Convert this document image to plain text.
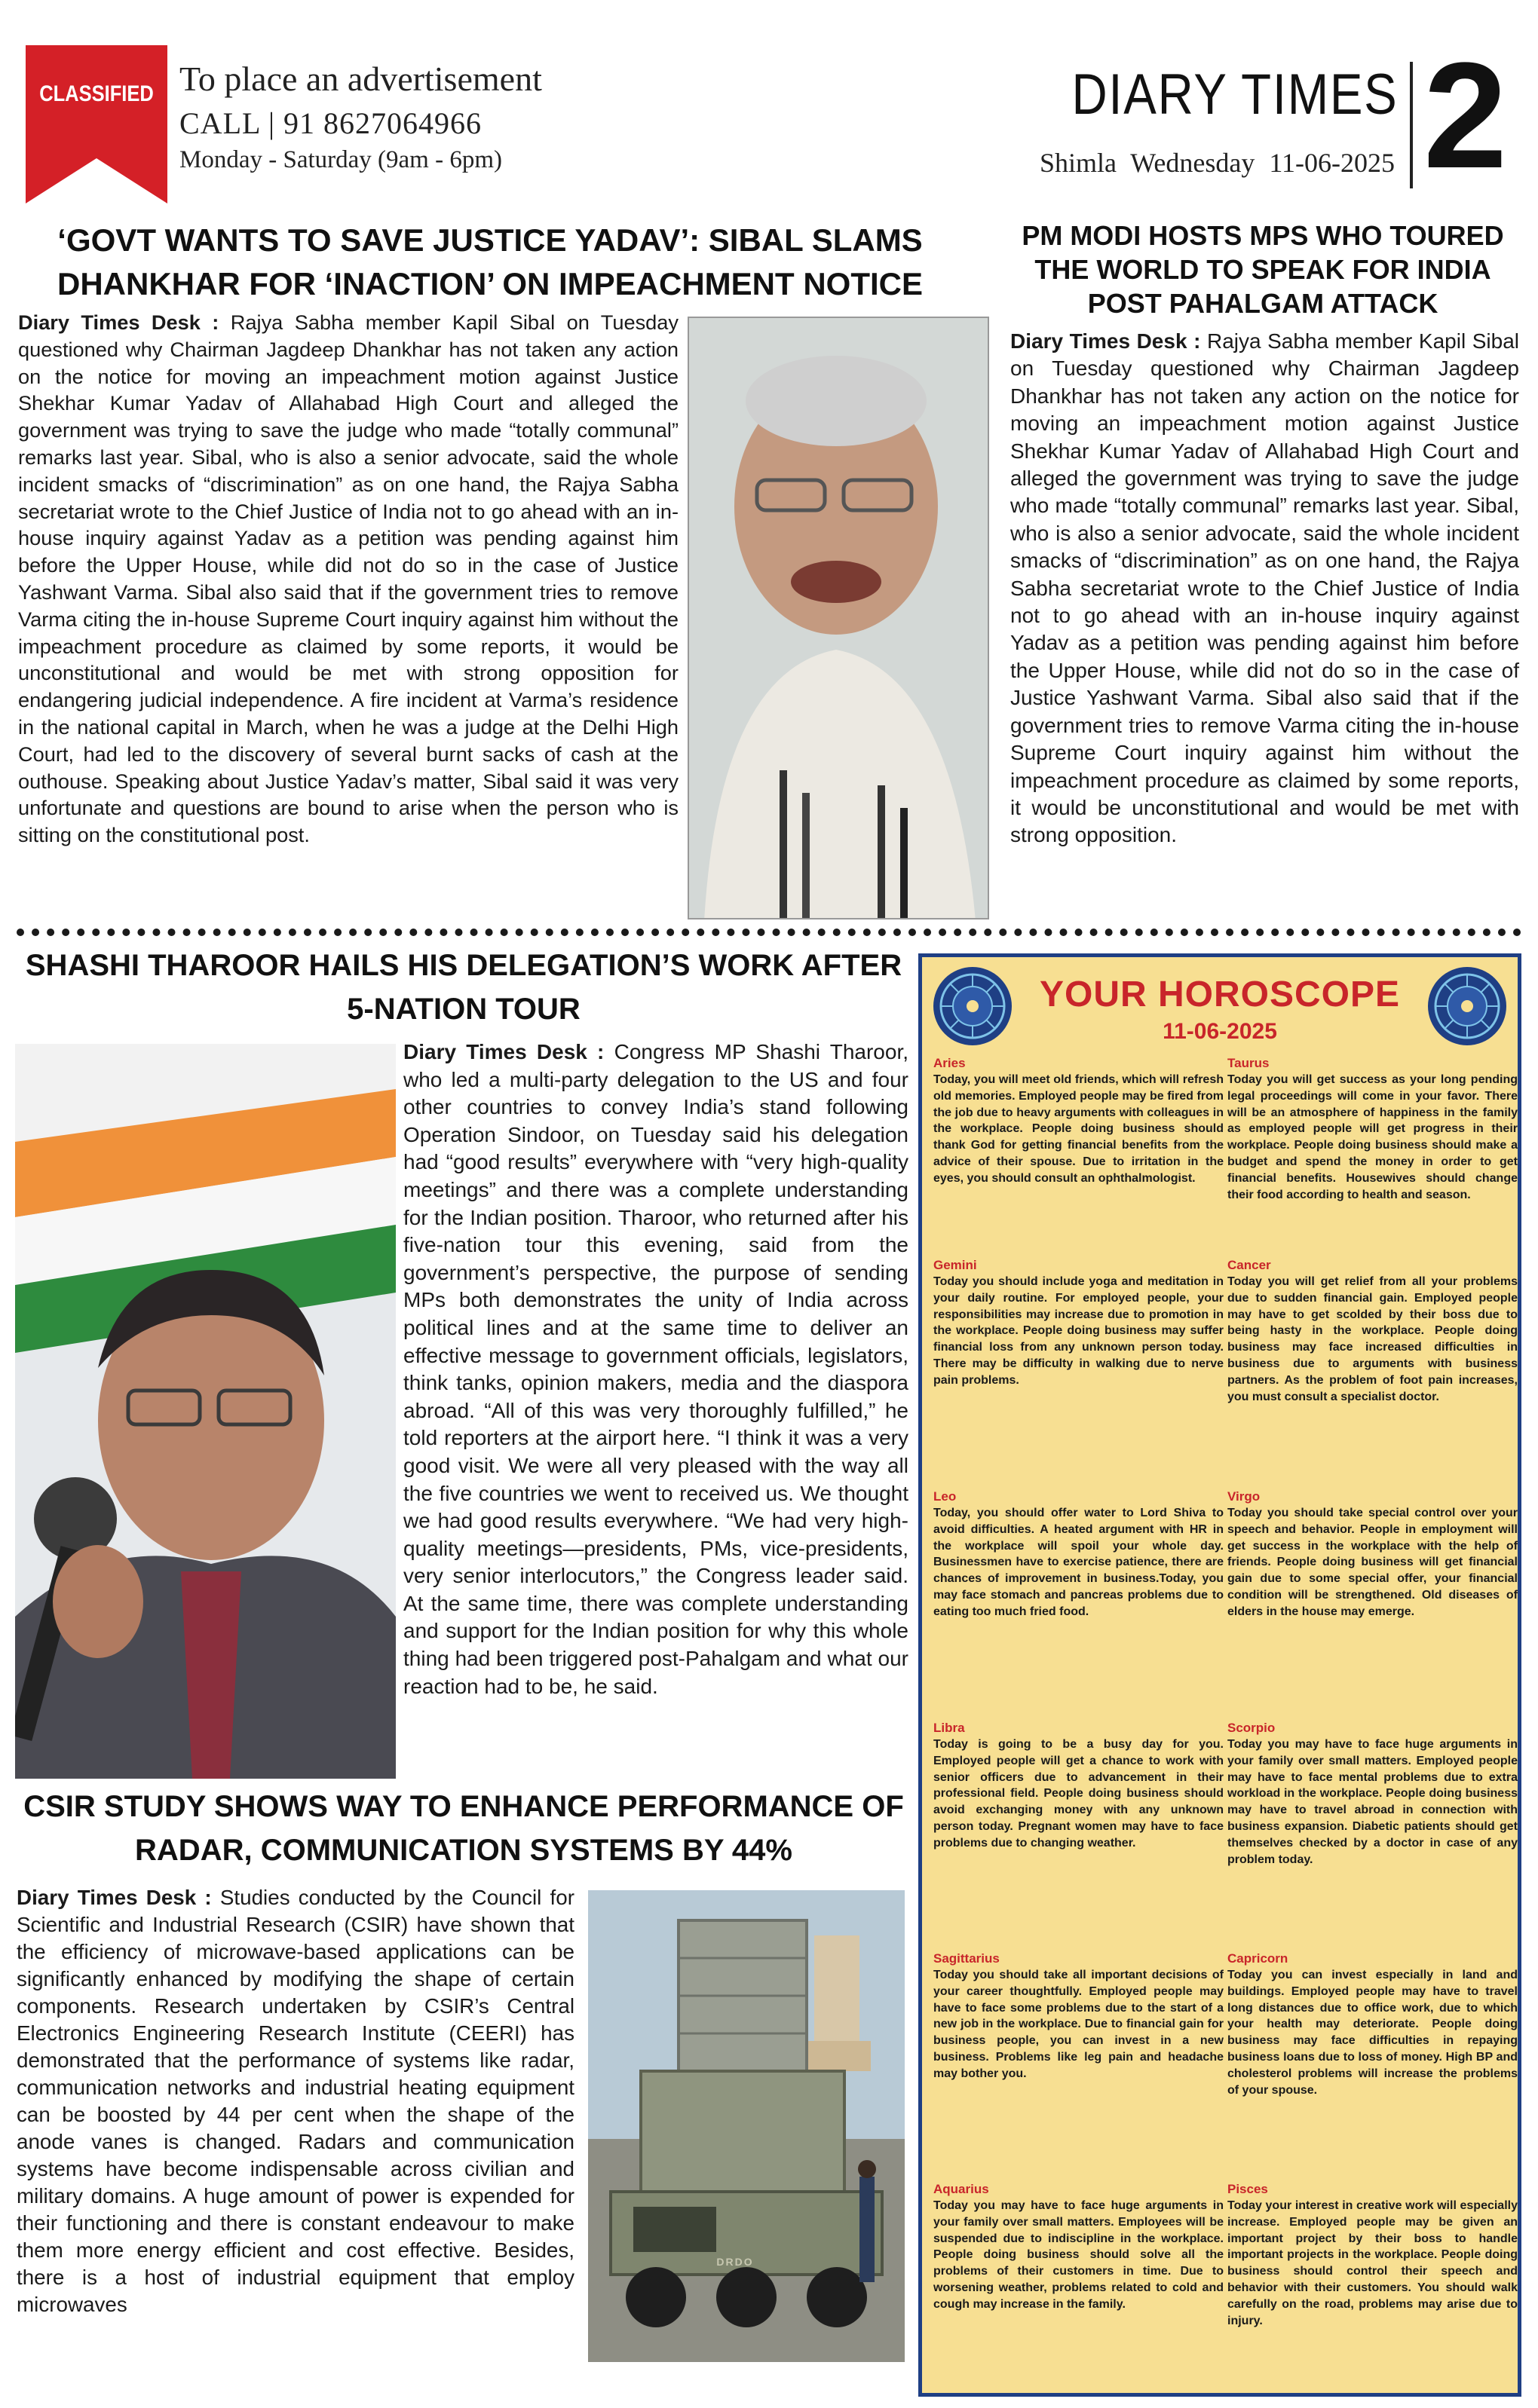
CLASSIFIED To place an advertisement
CALL | 91 8627064966
Monday - Saturday (9am - 6pm)
DIARY TIMES
Shimla Wednesday 11-06-2025 2
‘GOVT WANTS TO SAVE JUSTICE YADAV’: SIBAL SLAMS DHANKHAR FOR ‘INACTION’ ON IMPEACHMENT NOTICE
Diary Times Desk : Rajya Sabha member Kapil Sibal on Tuesday questioned why Chairman Jagdeep Dhankhar has not taken any action on the notice for moving an impeachment motion against Justice Shekhar Kumar Yadav of Allahabad High Court and alleged the government was trying to save the judge who made “totally communal” remarks last year. Sibal, who is also a senior advocate, said the whole incident smacks of “discrimination” as on one hand, the Rajya Sabha secretariat wrote to the Chief Justice of India not to go ahead with an in-house inquiry against Yadav as a petition was pending against him before the Upper House, while did not do so in the case of Justice Yashwant Varma. Sibal also said that if the government tries to remove Varma citing the in-house Supreme Court inquiry against him without the impeachment procedure as claimed by some reports, it would be unconstitutional and would be met with strong opposition for endangering judicial independence. A fire incident at Varma’s residence in the national capital in March, when he was a judge at the Delhi High Court, had led to the discovery of several burnt sacks of cash at the outhouse. Speaking about Justice Yadav’s matter, Sibal said it was very unfortunate and questions are bound to arise when the person who is sitting on the constitutional post.
PM MODI HOSTS MPS WHO TOURED THE WORLD TO SPEAK FOR INDIA POST PAHALGAM ATTACK
Diary Times Desk : Rajya Sabha member Kapil Sibal on Tuesday questioned why Chairman Jagdeep Dhankhar has not taken any action on the notice for moving an impeachment motion against Justice Shekhar Kumar Yadav of Allahabad High Court and alleged the government was trying to save the judge who made “totally communal” remarks last year. Sibal, who is also a senior advocate, said the whole incident smacks of “discrimination” as on one hand, the Rajya Sabha secretariat wrote to the Chief Justice of India not to go ahead with an in-house inquiry against Yadav as a petition was pending against him before the Upper House, while did not do so in the case of Justice Yashwant Varma. Sibal also said that if the government tries to remove Varma citing the in-house Supreme Court inquiry against him without the impeachment procedure as claimed by some reports, it would be unconstitutional and would be met with strong opposition.
SHASHI THAROOR HAILS HIS DELEGATION’S WORK AFTER 5-NATION TOUR
Diary Times Desk : Congress MP Shashi Tharoor, who led a multi-party delegation to the US and four other countries to convey India’s stand following Operation Sindoor, on Tuesday said his delegation had “good results” everywhere with “very high-quality meetings” and there was a complete understanding for the Indian position. Tharoor, who returned after his five-nation tour this evening, said from the government’s perspective, the purpose of sending MPs both demonstrates the unity of India across political lines and at the same time to deliver an effective message to government officials, legislators, think tanks, opinion makers, media and the diaspora abroad. “All of this was very thoroughly fulfilled,” he told reporters at the airport here. “I think it was a very good visit. We were all very pleased with the way all the five countries we went to received us. We thought we had good results everywhere. “We had very high-quality meetings—presidents, PMs, vice-presidents, very senior interlocutors,” the Congress leader said. At the same time, there was complete understanding and support for the Indian position for why this whole thing had been triggered post-Pahalgam and what our reaction had to be, he said.
CSIR STUDY SHOWS WAY TO ENHANCE PERFORMANCE OF RADAR, COMMUNICATION SYSTEMS BY 44%
Diary Times Desk : Studies conducted by the Council for Scientific and Industrial Research (CSIR) have shown that the efficiency of microwave-based applications can be significantly enhanced by modifying the shape of certain components. Research undertaken by CSIR’s Central Electronics Engineering Research Institute (CEERI) has demonstrated that the performance of systems like radar, communication networks and industrial heating equipment can be boosted by 44 per cent when the shape of the anode vanes is changed. Radars and communication systems have become indispensable across civilian and military domains. A huge amount of power is expended for their functioning and there is constant endeavour to make them more energy efficient and cost effective. Besides, there is a host of industrial equipment that employ microwaves
DRDO
YOUR HOROSCOPE
11-06-2025
Aries
Today, you will meet old friends, which will refresh old memories. Employed people may be fired from the job due to heavy arguments with colleagues in the workplace. People doing business should thank God for getting financial benefits from the advice of their spouse. Due to irritation in the eyes, you should consult an ophthalmologist.
Taurus
Today you will get success as your long pending legal proceedings will come in your favor. There will be an atmosphere of happiness in the family as employed people will get progress in their workplace. People doing business should make a budget and spend the money in order to get financial benefits. Housewives should change their food according to health and season.
Gemini
Today you should include yoga and meditation in your daily routine. For employed people, your responsibilities may increase due to promotion in the workplace. People doing business may suffer financial loss from any unknown person today. There may be difficulty in walking due to nerve pain problems.
Cancer
Today you will get relief from all your problems due to sudden financial gain. Employed people may have to get scolded by their boss due to being hasty in the workplace. People doing business may face increased difficulties in business due to arguments with business partners. As the problem of foot pain increases, you must consult a specialist doctor.
Leo
Today, you should offer water to Lord Shiva to avoid difficulties. A heated argument with HR in the workplace will spoil your whole day. Businessmen have to exercise patience, there are chances of improvement in business.Today, you may face stomach and pancreas problems due to eating too much fried food.
Virgo
Today you should take special control over your speech and behavior. People in employment will get success in the workplace with the help of friends. People doing business will get financial gain due to some special offer, your financial condition will be strengthened. Old diseases of elders in the house may emerge.
Libra
Today is going to be a busy day for you. Employed people will get a chance to work with senior officers due to advancement in their professional field. People doing business should avoid exchanging money with any unknown person today. Pregnant women may have to face problems due to changing weather.
Scorpio
Today you may have to face huge arguments in your family over small matters. Employed people may have to face mental problems due to extra workload in the workplace. People doing business may have to travel abroad in connection with business expansion. Diabetic patients should get themselves checked by a doctor in case of any problem today.
Sagittarius
Today you should take all important decisions of your career thoughtfully. Employed people may have to face some problems due to the start of a new job in the workplace. Due to financial gain for business people, you can invest in a new business. Problems like leg pain and headache may bother you.
Capricorn
Today you can invest especially in land and buildings. Employed people may have to travel long distances due to office work, due to which your health may deteriorate. People doing business may face difficulties in repaying business loans due to loss of money. High BP and cholesterol problems will increase the problems of your spouse.
Aquarius
Today you may have to face huge arguments in your family over small matters. Employees will be suspended due to indiscipline in the workplace. People doing business should solve all the problems of their customers in time. Due to worsening weather, problems related to cold and cough may increase in the family.
Pisces
Today your interest in creative work will especially increase. Employed people may be given an important project by their boss to handle important projects in the workplace. People doing business should control their speech and behavior with their customers. You should walk carefully on the road, problems may arise due to injury.
